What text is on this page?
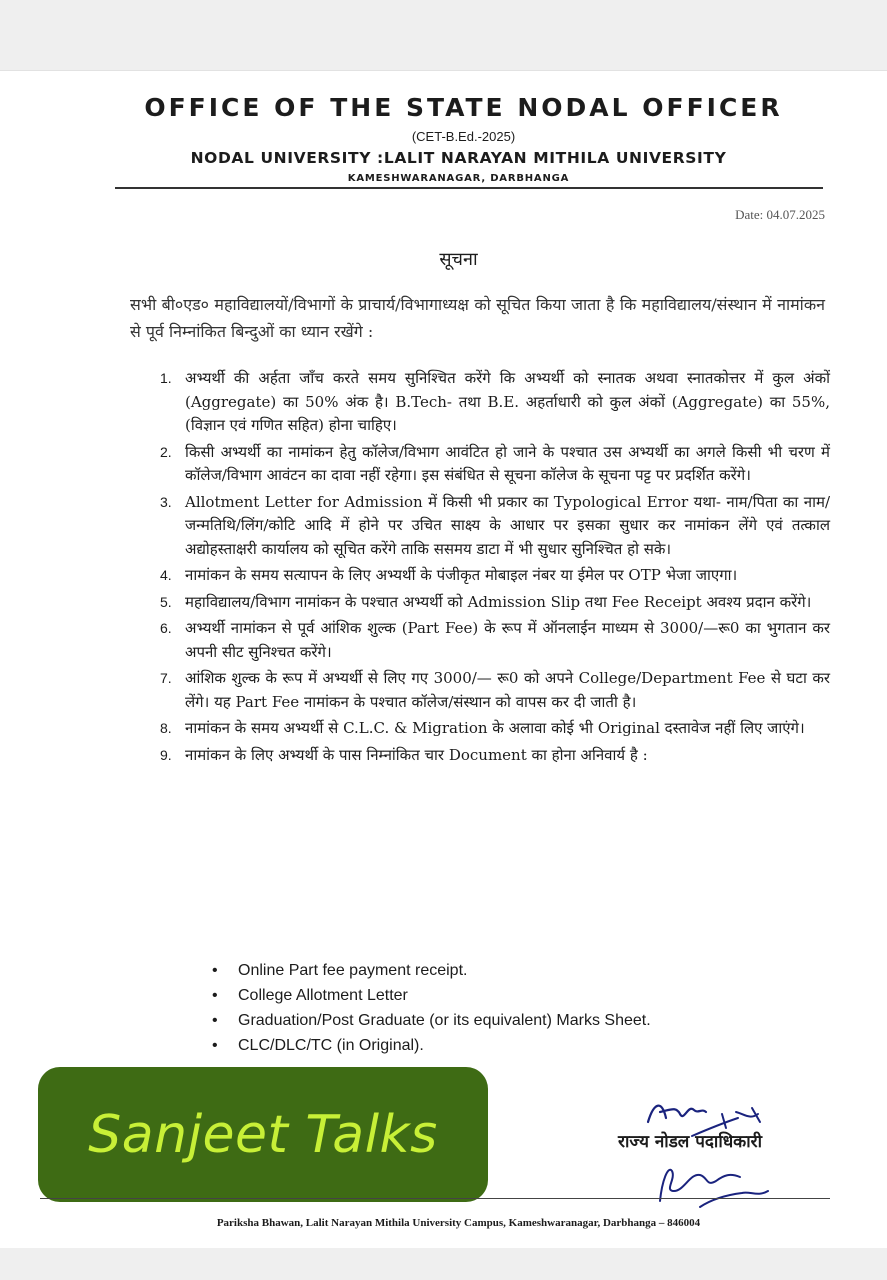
OFFICE OF THE STATE NODAL OFFICER
(CET-B.Ed.-2025)
NODAL UNIVERSITY :LALIT NARAYAN MITHILA UNIVERSITY
KAMESHWARANAGAR, DARBHANGA
Date: 04.07.2025
सूचना
सभी बी०एड० महाविद्यालयों/विभागों के प्राचार्य/विभागाध्यक्ष को सूचित किया जाता है कि महाविद्यालय/संस्थान में नामांकन से पूर्व निम्नांकित बिन्दुओं का ध्यान रखेंगे :
1. अभ्यर्थी की अर्हता जाँच करते समय सुनिश्चित करेंगे कि अभ्यर्थी को स्नातक अथवा स्नातकोत्तर में कुल अंकों (Aggregate) का 50% अंक है। B.Tech- तथा B.E. अहर्ताधारी को कुल अंकों (Aggregate) का 55%, (विज्ञान एवं गणित सहित) होना चाहिए।
2. किसी अभ्यर्थी का नामांकन हेतु कॉलेज/विभाग आवंटित हो जाने के पश्चात उस अभ्यर्थी का अगले किसी भी चरण में कॉलेज/विभाग आवंटन का दावा नहीं रहेगा। इस संबंधित से सूचना कॉलेज के सूचना पट्ट पर प्रदर्शित करेंगे।
3. Allotment Letter for Admission में किसी भी प्रकार का Typological Error यथा- नाम/पिता का नाम/जन्मतिथि/लिंग/कोटि आदि में होने पर उचित साक्ष्य के आधार पर इसका सुधार कर नामांकन लेंगे एवं तत्काल अद्योहस्ताक्षरी कार्यालय को सूचित करेंगे ताकि ससमय डाटा में भी सुधार सुनिश्चित हो सके।
4. नामांकन के समय सत्यापन के लिए अभ्यर्थी के पंजीकृत मोबाइल नंबर या ईमेल पर OTP भेजा जाएगा।
5. महाविद्यालय/विभाग नामांकन के पश्चात अभ्यर्थी को Admission Slip तथा Fee Receipt अवश्य प्रदान करेंगे।
6. अभ्यर्थी नामांकन से पूर्व आंशिक शुल्क (Part Fee) के रूप में ऑनलाईन माध्यम से 3000/—रू0 का भुगतान कर अपनी सीट सुनिश्चत करेंगे।
7. आंशिक शुल्क के रूप में अभ्यर्थी से लिए गए 3000/— रू0 को अपने College/Department Fee से घटा कर लेंगे। यह Part Fee नामांकन के पश्चात कॉलेज/संस्थान को वापस कर दी जाती है।
8. नामांकन के समय अभ्यर्थी से C.L.C. & Migration के अलावा कोई भी Original दस्तावेज नहीं लिए जाएंगे।
9. नामांकन के लिए अभ्यर्थी के पास निम्नांकित चार Document का होना अनिवार्य है :
• Online Part fee payment receipt.
• College Allotment Letter
• Graduation/Post Graduate (or its equivalent) Marks Sheet.
• CLC/DLC/TC (in Original).
Sanjeet Talks	राज्य नोडल पदाधिकारी
Pariksha Bhawan, Lalit Narayan Mithila University Campus, Kameshwaranagar, Darbhanga – 846004
